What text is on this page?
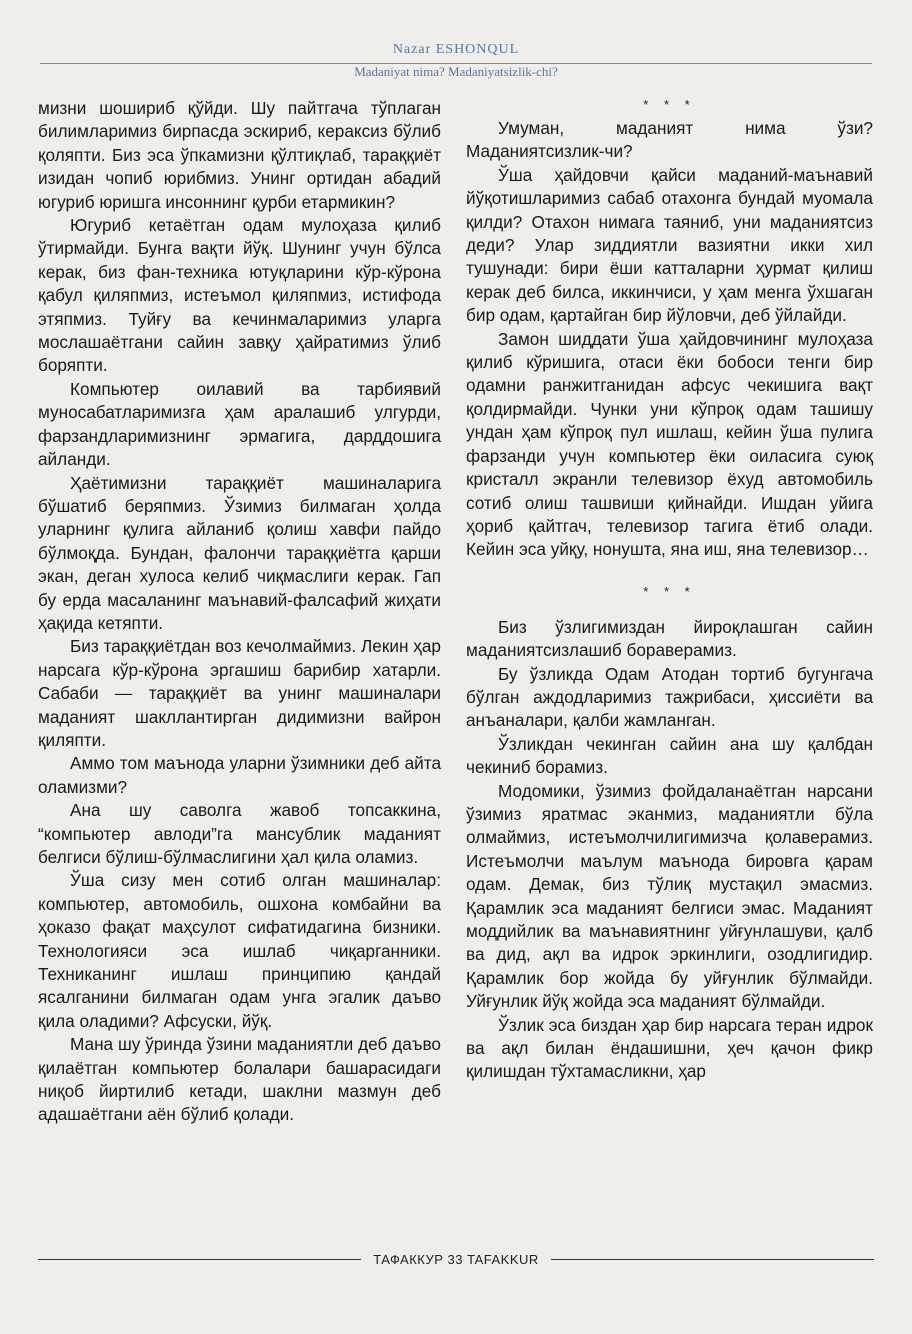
Nazar ESHONQUL
Madaniyat nima? Madaniyatsizlik-chi?

мизни шошириб қўйди. Шу пайтгача тўплаган билимларимиз бирпасда эскириб, кераксиз бўлиб қоляпти. Биз эса ўпкамизни қўлтиқлаб, тараққиёт изидан чопиб юрибмиз. Унинг ортидан абадий югуриб юришга инсоннинг қурби етармикин?

Югуриб кетаётган одам мулоҳаза қилиб ўтирмайди. Бунга вақти йўқ. Шунинг учун бўлса керак, биз фан-техника ютуқларини кўр-кўрона қабул қиляпмиз, истеъмол қиляпмиз, истифода этяпмиз. Туйғу ва кечинмаларимиз уларга мослашаётгани сайин завқу ҳайратимиз ўлиб боряпти.

Компьютер оилавий ва тарбиявий муносабатларимизга ҳам аралашиб улгурди, фарзандларимизнинг эрмагига, дарддошига айланди.

Ҳаётимизни тараққиёт машиналарига бўшатиб беряпмиз. Ўзимиз билмаган ҳолда уларнинг қулига айланиб қолиш хавфи пайдо бўлмоқда. Бундан, фалончи тараққиётга қарши экан, деган хулоса келиб чиқмаслиги керак. Гап бу ерда масаланинг маънавий-фалсафий жиҳати ҳақида кетяпти.

Биз тараққиётдан воз кечолмаймиз. Лекин ҳар нарсага кўр-кўрона эргашиш барибир хатарли. Сабаби — тараққиёт ва унинг машиналари маданият шакллантирган дидимизни вайрон қиляпти.

Аммо том маънода уларни ўзимники деб айта оламизми?

Ана шу саволга жавоб топсаккина, “компьютер авлоди”га мансублик маданият белгиси бўлиш-бўлмаслигини ҳал қила оламиз.

Ўша сизу мен сотиб олган машиналар: компьютер, автомобиль, ошхона комбайни ва ҳоказо фақат маҳсулот сифатидагина бизники. Технологияси эса ишлаб чиқарганники. Техниканинг ишлаш принципию қандай ясалганини билмаган одам унга эгалик даъво қила оладими? Афсуски, йўқ.

Мана шу ўринда ўзини маданиятли деб даъво қилаётган компьютер болалари башарасидаги ниқоб йиртилиб кетади, шаклни мазмун деб адашаётгани аён бўлиб қолади.

* * *

Умуман, маданият нима ўзи? Маданиятсизлик-чи?

Ўша ҳайдовчи қайси маданий-маънавий йўқотишларимиз сабаб отахонга бундай муомала қилди? Отахон нимага таяниб, уни маданиятсиз деди? Улар зиддиятли вазиятни икки хил тушунади: бири ёши катталарни ҳурмат қилиш керак деб билса, иккинчиси, у ҳам менга ўхшаган бир одам, қартайган бир йўловчи, деб ўйлайди.

Замон шиддати ўша ҳайдовчининг мулоҳаза қилиб кўришига, отаси ёки бобоси тенги бир одамни ранжитганидан афсус чекишига вақт қолдирмайди. Чунки уни кўпроқ одам ташишу ундан ҳам кўпроқ пул ишлаш, кейин ўша пулига фарзанди учун компьютер ёки оиласига суюқ кристалл экранли телевизор ёхуд автомобиль сотиб олиш ташвиши қийнайди. Ишдан уйига ҳориб қайтгач, телевизор тагига ётиб олади. Кейин эса уйқу, нонушта, яна иш, яна телевизор…

* * *

Биз ўзлигимиздан йироқлашган сайин маданиятсизлашиб бораверамиз.

Бу ўзликда Одам Атодан тортиб бугунгача бўлган аждодларимиз тажрибаси, ҳиссиёти ва анъаналари, қалби жамланган.

Ўзликдан чекинган сайин ана шу қалбдан чекиниб борамиз.

Модомики, ўзимиз фойдаланаётган нарсани ўзимиз яратмас эканмиз, маданиятли бўла олмаймиз, истеъмолчилигимизча қолаверамиз. Истеъмолчи маълум маънода бировга қарам одам. Демак, биз тўлиқ мустақил эмасмиз. Қарамлик эса маданият белгиси эмас. Маданият моддийлик ва маънавиятнинг уйғунлашуви, қалб ва дид, ақл ва идрок эркинлиги, озодлигидир. Қарамлик бор жойда бу уйғунлик бўлмайди. Уйғунлик йўқ жойда эса маданият бўлмайди.

Ўзлик эса биздан ҳар бир нарсага теран идрок ва ақл билан ёндашишни, ҳеч қачон фикр қилишдан тўхтамасликни, ҳар

ТАФАККУР 33 TAFAKKUR
